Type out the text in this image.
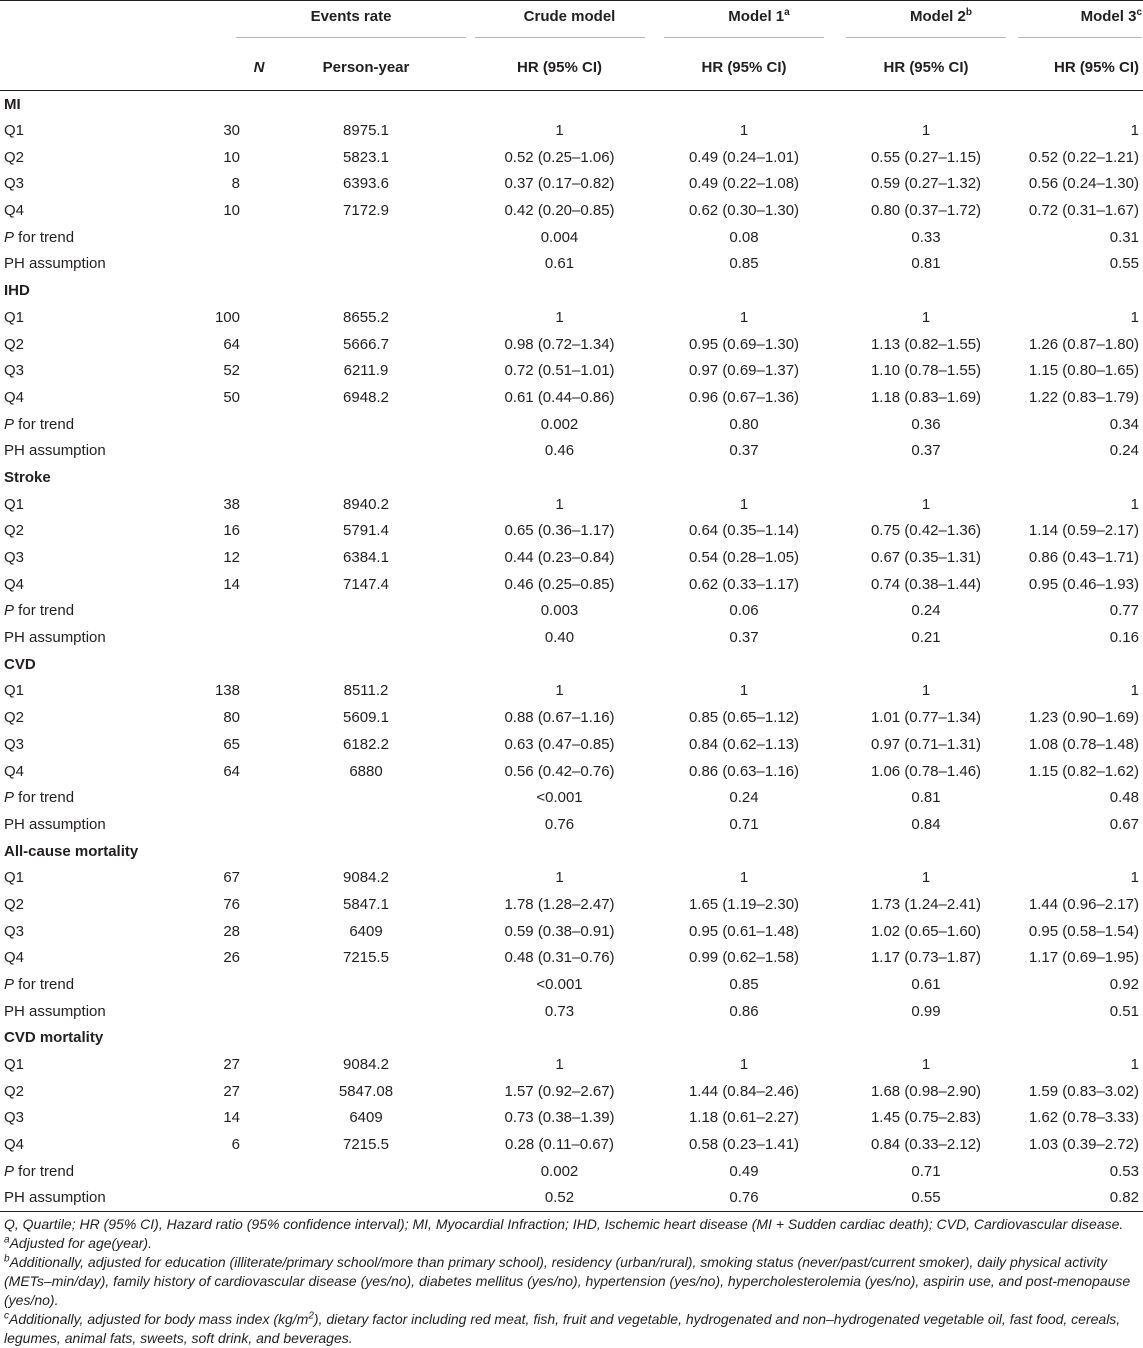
	Events rate		Crude model	Model 1$^a$	Model 2$^b$	Model 3$^c$
	N	Person-year	HR (95% CI)	HR (95% CI)	HR (95% CI)	HR (95% CI)
MI						
Q1	30	8975.1	1	1	1	1
Q2	10	5823.1	0.52 (0.25–1.06)	0.49 (0.24–1.01)	0.55 (0.27–1.15)	0.52 (0.22–1.21)
Q3	8	6393.6	0.37 (0.17–0.82)	0.49 (0.22–1.08)	0.59 (0.27–1.32)	0.56 (0.24–1.30)
Q4	10	7172.9	0.42 (0.20–0.85)	0.62 (0.30–1.30)	0.80 (0.37–1.72)	0.72 (0.31–1.67)
P for trend			0.004	0.08	0.33	0.31
PH assumption			0.61	0.85	0.81	0.55
IHD						
Q1	100	8655.2	1	1	1	1
Q2	64	5666.7	0.98 (0.72–1.34)	0.95 (0.69–1.30)	1.13 (0.82–1.55)	1.26 (0.87–1.80)
Q3	52	6211.9	0.72 (0.51–1.01)	0.97 (0.69–1.37)	1.10 (0.78–1.55)	1.15 (0.80–1.65)
Q4	50	6948.2	0.61 (0.44–0.86)	0.96 (0.67–1.36)	1.18 (0.83–1.69)	1.22 (0.83–1.79)
P for trend			0.002	0.80	0.36	0.34
PH assumption			0.46	0.37	0.37	0.24
Stroke						
Q1	38	8940.2	1	1	1	1
Q2	16	5791.4	0.65 (0.36–1.17)	0.64 (0.35–1.14)	0.75 (0.42–1.36)	1.14 (0.59–2.17)
Q3	12	6384.1	0.44 (0.23–0.84)	0.54 (0.28–1.05)	0.67 (0.35–1.31)	0.86 (0.43–1.71)
Q4	14	7147.4	0.46 (0.25–0.85)	0.62 (0.33–1.17)	0.74 (0.38–1.44)	0.95 (0.46–1.93)
P for trend			0.003	0.06	0.24	0.77
PH assumption			0.40	0.37	0.21	0.16
CVD						
Q1	138	8511.2	1	1	1	1
Q2	80	5609.1	0.88 (0.67–1.16)	0.85 (0.65–1.12)	1.01 (0.77–1.34)	1.23 (0.90–1.69)
Q3	65	6182.2	0.63 (0.47–0.85)	0.84 (0.62–1.13)	0.97 (0.71–1.31)	1.08 (0.78–1.48)
Q4	64	6880	0.56 (0.42–0.76)	0.86 (0.63–1.16)	1.06 (0.78–1.46)	1.15 (0.82–1.62)
P for trend			<0.001	0.24	0.81	0.48
PH assumption			0.76	0.71	0.84	0.67
All-cause mortality						
Q1	67	9084.2	1	1	1	1
Q2	76	5847.1	1.78 (1.28–2.47)	1.65 (1.19–2.30)	1.73 (1.24–2.41)	1.44 (0.96–2.17)
Q3	28	6409	0.59 (0.38–0.91)	0.95 (0.61–1.48)	1.02 (0.65–1.60)	0.95 (0.58–1.54)
Q4	26	7215.5	0.48 (0.31–0.76)	0.99 (0.62–1.58)	1.17 (0.73–1.87)	1.17 (0.69–1.95)
P for trend			<0.001	0.85	0.61	0.92
PH assumption			0.73	0.86	0.99	0.51
CVD mortality						
Q1	27	9084.2	1	1	1	1
Q2	27	5847.08	1.57 (0.92–2.67)	1.44 (0.84–2.46)	1.68 (0.98–2.90)	1.59 (0.83–3.02)
Q3	14	6409	0.73 (0.38–1.39)	1.18 (0.61–2.27)	1.45 (0.75–2.83)	1.62 (0.78–3.33)
Q4	6	7215.5	0.28 (0.11–0.67)	0.58 (0.23–1.41)	0.84 (0.33–2.12)	1.03 (0.39–2.72)
P for trend			0.002	0.49	0.71	0.53
PH assumption			0.52	0.76	0.55	0.82

Q, Quartile; HR (95% CI), Hazard ratio (95% confidence interval); MI, Myocardial Infraction; IHD, Ischemic heart disease (MI + Sudden cardiac death); CVD, Cardiovascular disease.

$^a$Adjusted for age(year).

$^b$Additionally, adjusted for education (illiterate/primary school/more than primary school), residency (urban/rural), smoking status (never/past/current smoker), daily physical activity (METs–min/day), family history of cardiovascular disease (yes/no), diabetes mellitus (yes/no), hypertension (yes/no), hypercholesterolemia (yes/no), aspirin use, and post-menopause (yes/no).

$^c$Additionally, adjusted for body mass index $(kg/m^2)$, dietary factor including red meat, fish, fruit and vegetable, hydrogenated and non–hydrogenated vegetable oil, fast food, cereals, legumes, animal fats, sweets, soft drink, and beverages.
